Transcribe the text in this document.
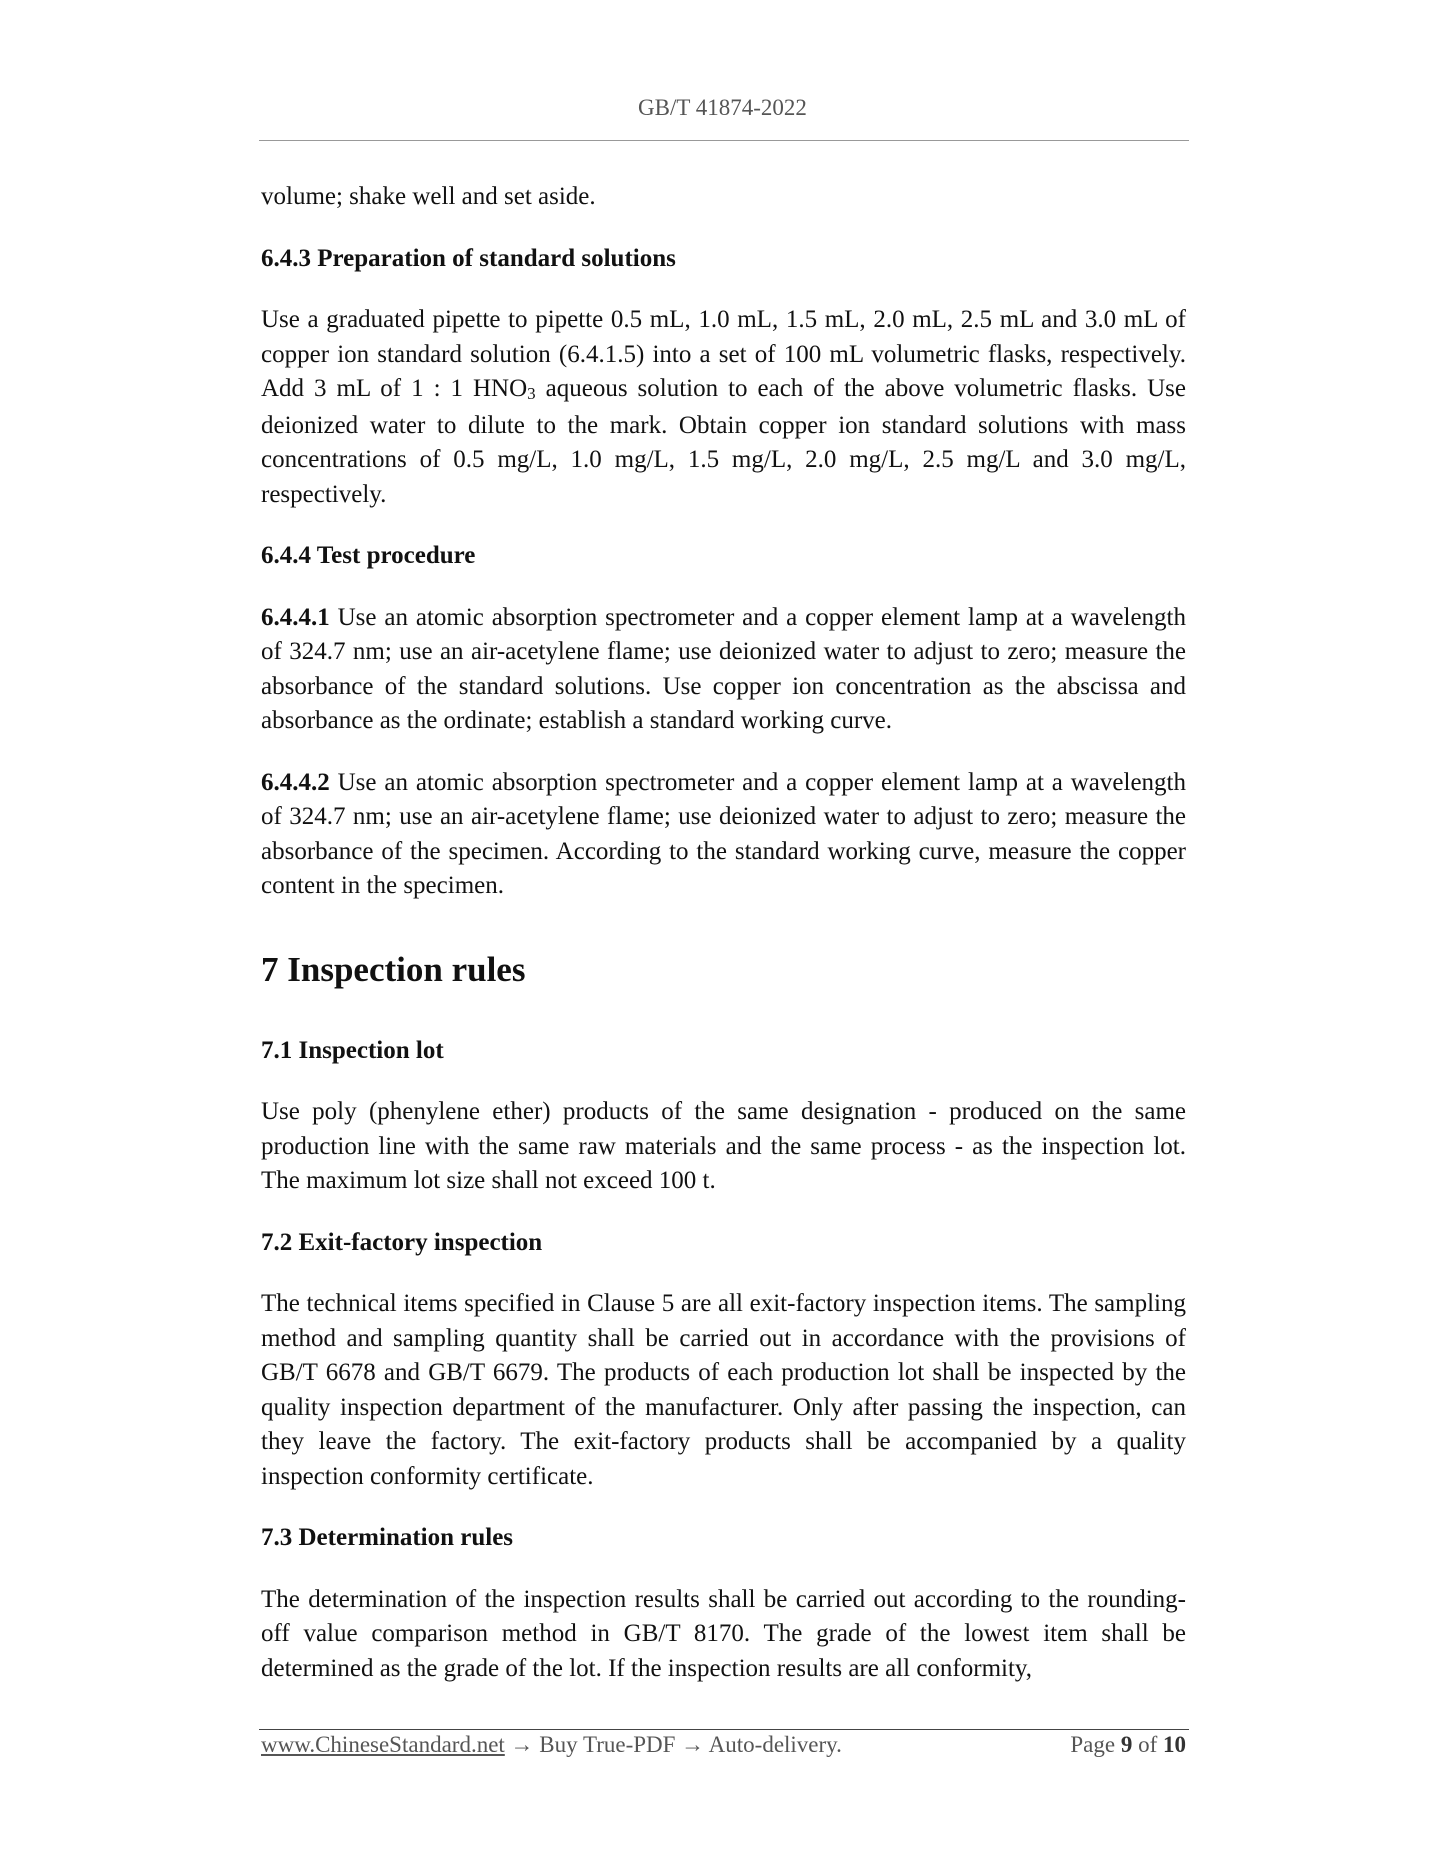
GB/T 41874-2022

volume; shake well and set aside.

6.4.3 Preparation of standard solutions

Use a graduated pipette to pipette 0.5 mL, 1.0 mL, 1.5 mL, 2.0 mL, 2.5 mL and 3.0 mL of copper ion standard solution (6.4.1.5) into a set of 100 mL volumetric flasks, respectively. Add 3 mL of 1 : 1 $HNO_3$ aqueous solution to each of the above volumetric flasks. Use deionized water to dilute to the mark. Obtain copper ion standard solutions with mass concentrations of 0.5 mg/L, 1.0 mg/L, 1.5 mg/L, 2.0 mg/L, 2.5 mg/L and 3.0 mg/L, respectively.

6.4.4 Test procedure

6.4.4.1 Use an atomic absorption spectrometer and a copper element lamp at a wavelength of 324.7 nm; use an air-acetylene flame; use deionized water to adjust to zero; measure the absorbance of the standard solutions. Use copper ion concentration as the abscissa and absorbance as the ordinate; establish a standard working curve.

6.4.4.2 Use an atomic absorption spectrometer and a copper element lamp at a wavelength of 324.7 nm; use an air-acetylene flame; use deionized water to adjust to zero; measure the absorbance of the specimen. According to the standard working curve, measure the copper content in the specimen.

7 Inspection rules

7.1 Inspection lot

Use poly (phenylene ether) products of the same designation - produced on the same production line with the same raw materials and the same process - as the inspection lot. The maximum lot size shall not exceed 100 t.

7.2 Exit-factory inspection

The technical items specified in Clause 5 are all exit-factory inspection items. The sampling method and sampling quantity shall be carried out in accordance with the provisions of GB/T 6678 and GB/T 6679. The products of each production lot shall be inspected by the quality inspection department of the manufacturer. Only after passing the inspection, can they leave the factory. The exit-factory products shall be accompanied by a quality inspection conformity certificate.

7.3 Determination rules

The determination of the inspection results shall be carried out according to the rounding-off value comparison method in GB/T 8170. The grade of the lowest item shall be determined as the grade of the lot. If the inspection results are all conformity,

www.ChineseStandard.net → Buy True-PDF → Auto-delivery.	Page 9 of 10
